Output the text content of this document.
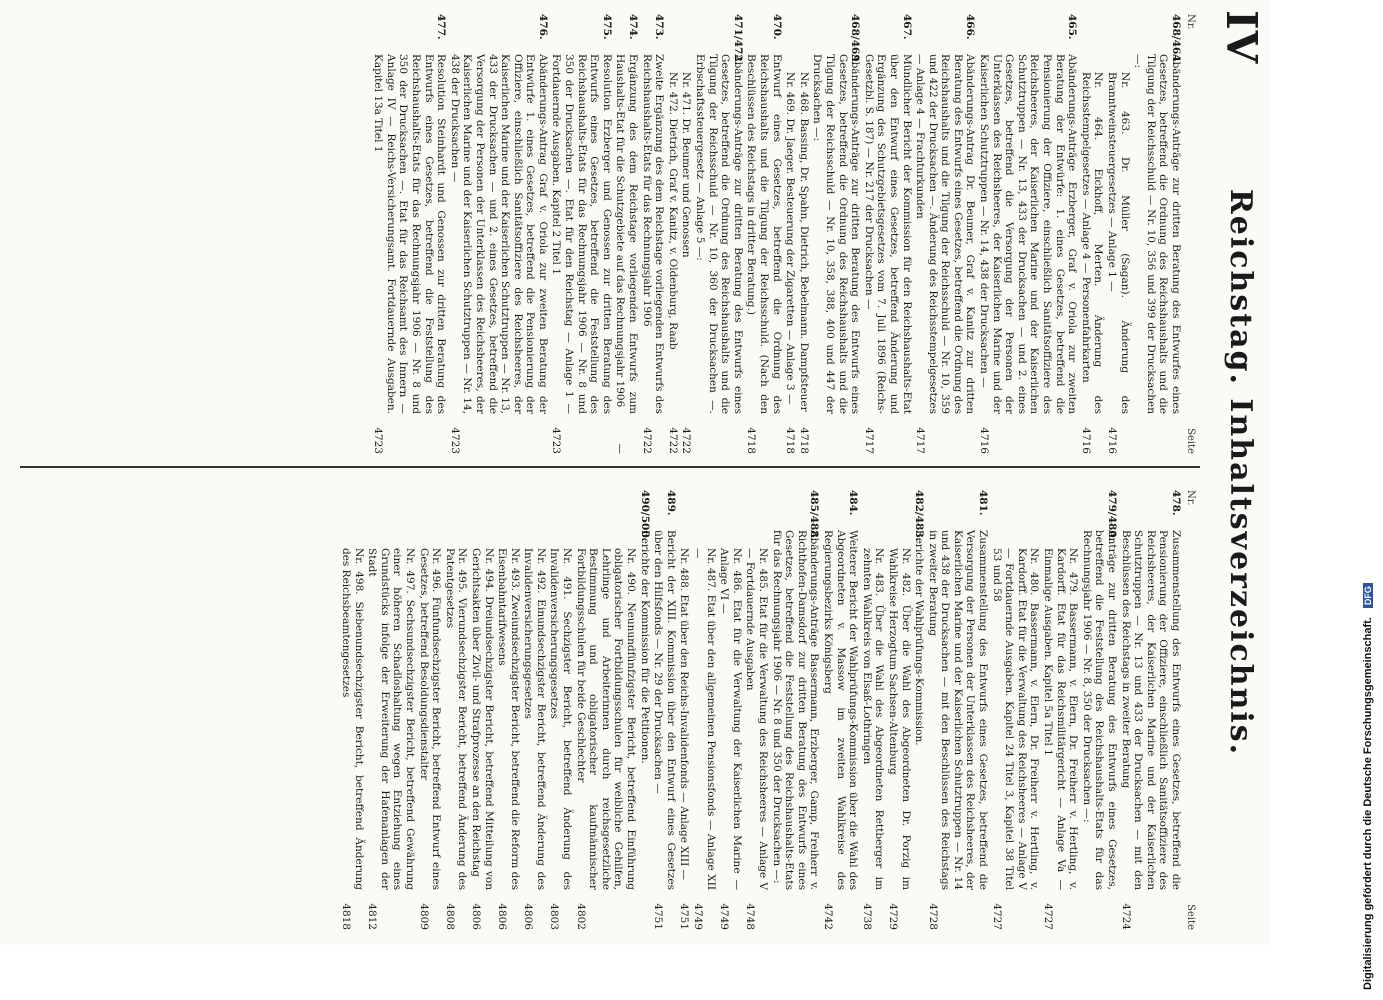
IV
Reichstag. Inhaltsverzeichnis.
Nr.
Seite
468/464.
Abänderungs-Anträge zur dritten Beratung des Entwurfes eines Gesetzes, betreffend die Ordnung des Reichshaushalts und die Tilgung der Reichsschuld — Nr. 10, 356 und 399 der Drucksachen —:
Nr. 463. Dr. Müller (Sagan). Änderung des Branntweinsteuergesetzes — Anlage 1 —
4716
Nr. 464. Eickhoff, Merten. Änderung des Reichsstempelgesetzes — Anlage 4 — Personenfahrkarten
4716
465.
Abänderungs-Anträge Erzberger, Graf v. Oriola zur zweiten Beratung der Entwürfe: 1. eines Gesetzes, betreffend die Pensionierung der Offiziere, einschließlich Sanitätsoffiziere des Reichsheeres, der Kaiserlichen Marine und der Kaiserlichen Schutztruppen — Nr. 13, 433 der Drucksachen — und 2. eines Gesetzes, betreffend die Versorgung der Personen der Unterklassen des Reichsheeres, der Kaiserlichen Marine und der Kaiserlichen Schutztruppen — Nr. 14, 438 der Drucksachen —
4716
466.
Abänderungs-Antrag Dr. Beumer, Graf v. Kanitz zur dritten Beratung des Entwurfs eines Gesetzes, betreffend die Ordnung des Reichshaushalts und die Tilgung der Reichsschuld — Nr. 10, 359 und 422 der Drucksachen —. Änderung des Reichsstempelgesetzes — Anlage 4 — Frachturkunden
4717
467.
Mündlicher Bericht der Kommission für den Reichshaushalts-Etat über den Entwurf eines Gesetzes, betreffend Änderung und Ergänzung des Schutzgebietsgesetzes vom 7. Juli 1896 (Reichs-Gesetzbl. S. 187) — Nr. 217 der Drucksachen —
4717
468/469.
Abänderungs-Anträge zur dritten Beratung des Entwurfs eines Gesetzes, betreffend die Ordnung des Reichshaushalts und die Tilgung der Reichsschuld — Nr. 10, 358, 388, 400 und 447 der Drucksachen —:
Nr. 468. Bassing, Dr. Spahn, Dietrich, Bebelmann. Dampfsteuer
4718
Nr. 469. Dr. Jaeger. Besteuerung der Zigaretten — Anlage 3 —
4718
470.
Entwurf eines Gesetzes, betreffend die Ordnung des Reichshaushalts und die Tilgung der Reichsschuld. (Nach den Beschlüssen des Reichstags in dritter Beratung.)
4718
471/472.
Abänderungs-Anträge zur dritten Beratung des Entwurfs eines Gesetzes, betreffend die Ordnung des Reichshaushalts und die Tilgung der Reichsschuld — Nr. 10, 360 der Drucksachen —. Erbschaftssteuergesetz — Anlage 5 —:
Nr. 471. Dr. Beumer und Genossen
4722
Nr. 472. Dietrich, Graf v. Kanitz, v. Oldenburg, Raab
4722
473.
Zweite Ergänzung des dem Reichstage vorliegenden Entwurfs des Reichshaushalts-Etats für das Rechnungsjahr 1906
4722
474.
Ergänzung des dem Reichstage vorliegenden Entwurfs zum Haushalts-Etat für die Schutzgebiete auf das Rechnungsjahr 1906
—
475.
Resolution Erzberger und Genossen zur dritten Beratung des Entwurfs eines Gesetzes, betreffend die Feststellung des Reichshaushalts-Etats für das Rechnungsjahr 1906 — Nr. 8 und 350 der Drucksachen —. Etat für den Reichstag — Anlage 1 — Fortdauernde Ausgaben. Kapitel 2 Titel 1
4723
476.
Abänderungs-Antrag Graf v. Oriola zur zweiten Beratung der Entwürfe 1. eines Gesetzes, betreffend die Pensionierung der Offiziere, einschließlich Sanitätsoffiziere des Reichsheeres, der Kaiserlichen Marine und der Kaiserlichen Schutztruppen — Nr. 13, 433 der Drucksachen — und 2. eines Gesetzes, betreffend die Versorgung der Personen der Unterklassen des Reichsheeres, der Kaiserlichen Marine und der Kaiserlichen Schutztruppen — Nr. 14, 438 der Drucksachen —
4723
477.
Resolution Steinhardt und Genossen zur dritten Beratung des Entwurfs eines Gesetzes, betreffend die Feststellung des Reichshaushalts-Etats für das Rechnungsjahr 1906 — Nr. 8 und 350 der Drucksachen —. Etat für das Reichsamt des Innern — Anlage IV — Reichs-Versicherungsamt. Fortdauernde Ausgaben. Kapitel 13a Titel 1
4723
Nr.
Seite
478.
Zusammenstellung des Entwurfs eines Gesetzes, betreffend die Pensionierung der Offiziere, einschließlich Sanitätsoffiziere des Reichsheeres, der Kaiserlichen Marine und der Kaiserlichen Schutztruppen — Nr. 13 und 433 der Drucksachen — mit den Beschlüssen des Reichstags in zweiter Beratung
4724
479/480.
Anträge zur dritten Beratung des Entwurfs eines Gesetzes, betreffend die Feststellung des Reichshaushalts-Etats für das Rechnungsjahr 1906 — Nr. 8, 350 der Drucksachen —:
Nr. 479. Bassermann, v. Elern, Dr. Freiherr v. Hertling, v. Kardorff. Etat für das Reichsmilitärgericht — Anlage Va — Einmalige Ausgaben. Kapitel 5a Titel 1
4727
Nr. 480. Bassermann, v. Elern, Dr. Freiherr v. Hertling, v. Kardorff. Etat für die Verwaltung des Reichsheeres — Anlage V — Fortdauernde Ausgaben. Kapitel 24 Titel 3, Kapitel 38 Titel 53 und 58
4727
481.
Zusammenstellung des Entwurfs eines Gesetzes, betreffend die Versorgung der Personen der Unterklassen des Reichsheeres, der Kaiserlichen Marine und der Kaiserlichen Schutztruppen — Nr. 14 und 438 der Drucksachen — mit den Beschlüssen des Reichstags in zweiter Beratung
4728
482/483.
Berichte der Wahlprüfungs-Kommission.
Nr. 482. Über die Wahl des Abgeordneten Dr. Porzig im Wahlkreise Herzogtum Sachsen-Altenburg
4729
Nr. 483. Über die Wahl des Abgeordneten Rettberger im zehnten Wahlkreis von Elsaß-Lothringen
4738
484.
Weiterer Bericht der Wahlprüfungs-Kommission über die Wahl des Abgeordneten v. Massow im zweiten Wahlkreise des Regierungsbezirks Königsberg
4742
485/488.
Abänderungs-Anträge Bassermann, Erzberger, Gamp, Freiherr v. Richthofen-Damsdorf zur dritten Beratung des Entwurfs eines Gesetzes, betreffend die Feststellung des Reichshaushalts-Etats für das Rechnungsjahr 1906 — Nr. 8 und 350 der Drucksachen —:
Nr. 485. Etat für die Verwaltung des Reichsheeres — Anlage V — Fortdauernde Ausgaben
4748
Nr. 486. Etat für die Verwaltung der Kaiserlichen Marine — Anlage VI —
4749
Nr. 487. Etat über den allgemeinen Pensionsfonds — Anlage XII —
4749
Nr. 488. Etat über den Reichs-Invalidenfonds — Anlage XIII —
4751
489.
Bericht der XIII. Kommission über den Entwurf eines Gesetzes über den Hilfsfonds — Nr. 29 der Drucksachen —
4751
490/500.
Berichte der Kommission für die Petitionen.
Nr. 490. Neunundfünfzigster Bericht, betreffend Einführung obligatorischer Fortbildungsschulen für weibliche Gehilfen, Lehrlinge und Arbeiterinnen durch reichsgesetzliche Bestimmung und obligatorischer kaufmännischer Fortbildungsschulen für beide Geschlechter
4802
Nr. 491. Sechzigster Bericht, betreffend Änderung des Invalidenversicherungsgesetzes
4803
Nr. 492. Einundsechzigster Bericht, betreffend Änderung des Invalidenversicherungsgesetzes
4806
Nr. 493. Zweiundsechzigster Bericht, betreffend die Reform des Eisenbahntarifwesens
4806
Nr. 494. Dreiundsechzigster Bericht, betreffend Mitteilung von Gerichtsakten über Zivil- und Strafprozesse an den Reichstag
4806
Nr. 495. Vierundsechzigster Bericht, betreffend Änderung des Patentgesetzes
4808
Nr. 496. Fünfundsechzigster Bericht, betreffend Entwurf eines Gesetzes, betreffend Besoldungsdienstalter
4809
Nr. 497. Sechsundsechzigster Bericht, betreffend Gewährung einer höheren Schadloshaltung wegen Entziehung eines Grundstücks infolge der Erweiterung der Hafenanlagen der Stadt
4812
Nr. 498. Siebenundsechzigster Bericht, betreffend Änderung des Reichsbeamtengesetzes
4818	Digitalisierung gefördert durch die Deutsche Forschungsgemeinschaft. DFG
